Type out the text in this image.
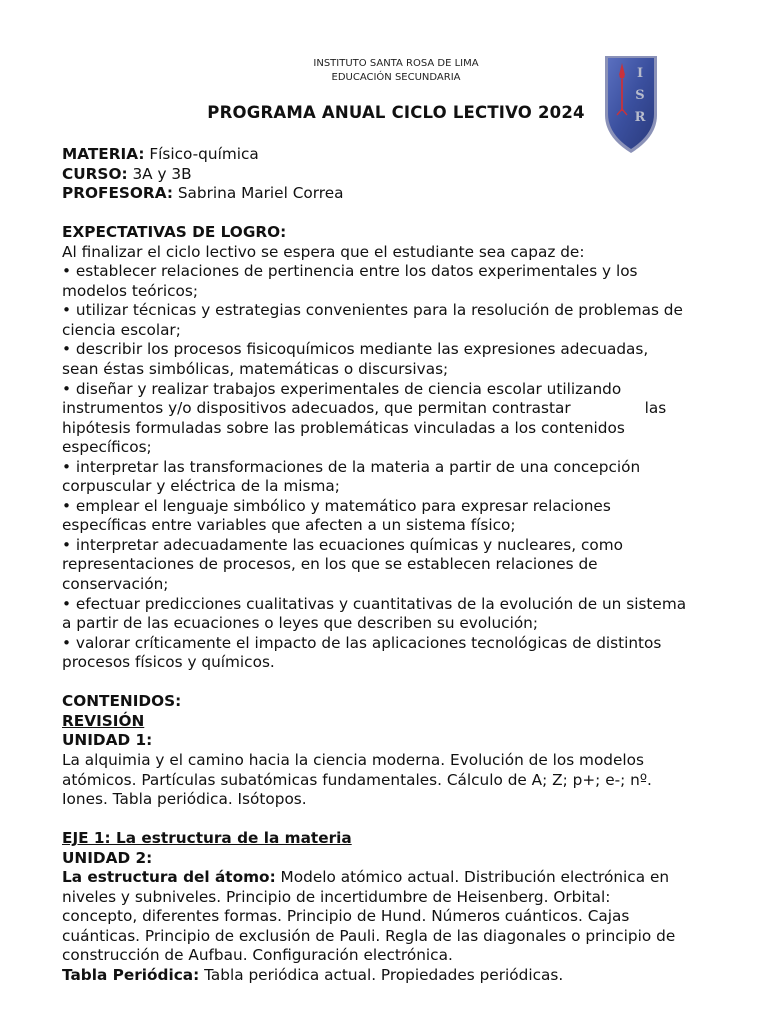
INSTITUTO SANTA ROSA DE LIMA
EDUCACIÓN SECUNDARIA
PROGRAMA ANUAL CICLO LECTIVO 2024
I
S
R

MATERIA: Físico-química

CURSO: 3A y 3B

PROFESORA: Sabrina Mariel Correa

EXPECTATIVAS DE LOGRO:

Al finalizar el ciclo lectivo se espera que el estudiante sea capaz de:

• establecer relaciones de pertinencia entre los datos experimentales y los

modelos teóricos;

• utilizar técnicas y estrategias convenientes para la resolución de problemas de

ciencia escolar;

• describir los procesos fisicoquímicos mediante las expresiones adecuadas,

sean éstas simbólicas, matemáticas o discursivas;

• diseñar y realizar trabajos experimentales de ciencia escolar utilizando

instrumentos y/o dispositivos adecuados, que permitan contrastar	las

hipótesis formuladas sobre las problemáticas vinculadas a los contenidos

específicos;

• interpretar las transformaciones de la materia a partir de una concepción

corpuscular y eléctrica de la misma;

• emplear el lenguaje simbólico y matemático para expresar relaciones

específicas entre variables que afecten a un sistema físico;

• interpretar adecuadamente las ecuaciones químicas y nucleares, como

representaciones de procesos, en los que se establecen relaciones de

conservación;

• efectuar predicciones cualitativas y cuantitativas de la evolución de un sistema

a partir de las ecuaciones o leyes que describen su evolución;

• valorar críticamente el impacto de las aplicaciones tecnológicas de distintos

procesos físicos y químicos.

CONTENIDOS:

REVISIÓN

UNIDAD 1:

La alquimia y el camino hacia la ciencia moderna. Evolución de los modelos

atómicos. Partículas subatómicas fundamentales. Cálculo de A; Z; p+; e-; nº.

Iones. Tabla periódica. Isótopos.

EJE 1: La estructura de la materia

UNIDAD 2:

La estructura del átomo: Modelo atómico actual. Distribución electrónica en

niveles y subniveles. Principio de incertidumbre de Heisenberg. Orbital:

concepto, diferentes formas. Principio de Hund. Números cuánticos. Cajas

cuánticas. Principio de exclusión de Pauli. Regla de las diagonales o principio de

construcción de Aufbau. Configuración electrónica.

Tabla Periódica: Tabla periódica actual. Propiedades periódicas.
